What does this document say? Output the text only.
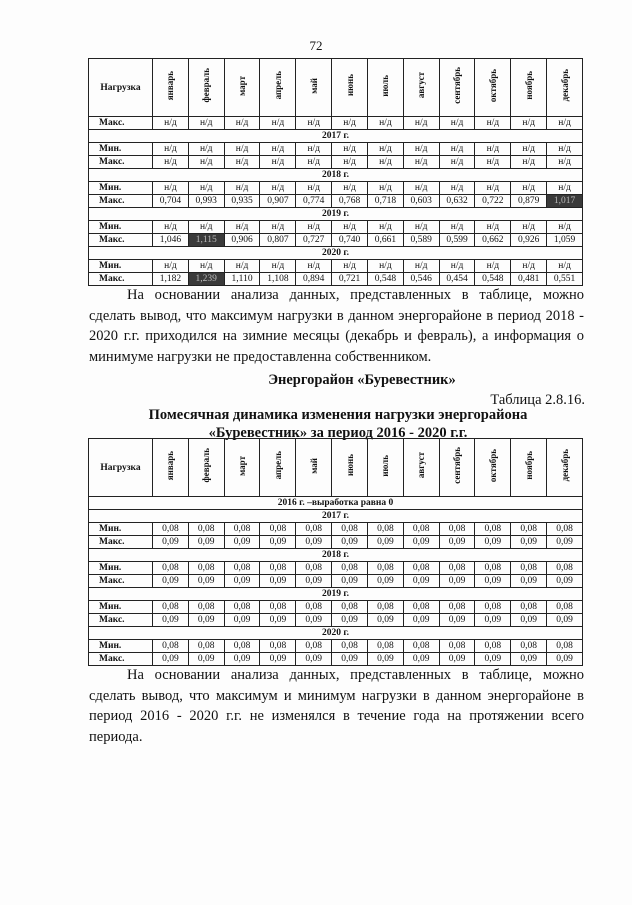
72
Нагрузка	январь	февраль	март	апрель	май	июнь	июль	август	сентябрь	октябрь	ноябрь	декабрь
Макс.	н/д	н/д	н/д	н/д	н/д	н/д	н/д	н/д	н/д	н/д	н/д	н/д
2017 г.												
Мин.	н/д	н/д	н/д	н/д	н/д	н/д	н/д	н/д	н/д	н/д	н/д	н/д
Макс.	н/д	н/д	н/д	н/д	н/д	н/д	н/д	н/д	н/д	н/д	н/д	н/д
2018 г.												
Мин.	н/д	н/д	н/д	н/д	н/д	н/д	н/д	н/д	н/д	н/д	н/д	н/д
Макс.	0,704	0,993	0,935	0,907	0,774	0,768	0,718	0,603	0,632	0,722	0,879	1,017
2019 г.												
Мин.	н/д	н/д	н/д	н/д	н/д	н/д	н/д	н/д	н/д	н/д	н/д	н/д
Макс.	1,046	1,115	0,906	0,807	0,727	0,740	0,661	0,589	0,599	0,662	0,926	1,059
2020 г.												
Мин.	н/д	н/д	н/д	н/д	н/д	н/д	н/д	н/д	н/д	н/д	н/д	н/д
Макс.	1,182	1,239	1,110	1,108	0,894	0,721	0,548	0,546	0,454	0,548	0,481	0,551

На основании анализа данных, представленных в таблице, можно сделать вывод, что максимум нагрузки в данном энергорайоне в период 2018 - 2020 г.г. приходился на зимние месяцы (декабрь и февраль), а информация о минимуме нагрузки не предоставленна собственником.

Энергорайон «Буревестник»
Таблица 2.8.16.
Помесячная динамика изменения нагрузки энергорайона
«Буревестник» за период 2016 - 2020 г.г.
Нагрузка	январь	февраль	март	апрель	май	июнь	июль	август	сентябрь	октябрь	ноябрь	декабрь
2016 г. –выработка равна 0												
2017 г.												
Мин.	0,08	0,08	0,08	0,08	0,08	0,08	0,08	0,08	0,08	0,08	0,08	0,08
Макс.	0,09	0,09	0,09	0,09	0,09	0,09	0,09	0,09	0,09	0,09	0,09	0,09
2018 г.												
Мин.	0,08	0,08	0,08	0,08	0,08	0,08	0,08	0,08	0,08	0,08	0,08	0,08
Макс.	0,09	0,09	0,09	0,09	0,09	0,09	0,09	0,09	0,09	0,09	0,09	0,09
2019 г.												
Мин.	0,08	0,08	0,08	0,08	0,08	0,08	0,08	0,08	0,08	0,08	0,08	0,08
Макс.	0,09	0,09	0,09	0,09	0,09	0,09	0,09	0,09	0,09	0,09	0,09	0,09
2020 г.												
Мин.	0,08	0,08	0,08	0,08	0,08	0,08	0,08	0,08	0,08	0,08	0,08	0,08
Макс.	0,09	0,09	0,09	0,09	0,09	0,09	0,09	0,09	0,09	0,09	0,09	0,09

На основании анализа данных, представленных в таблице, можно сделать вывод, что максимум и минимум нагрузки в данном энергорайоне в период 2016 - 2020 г.г. не изменялся в течение года на протяжении всего периода.
